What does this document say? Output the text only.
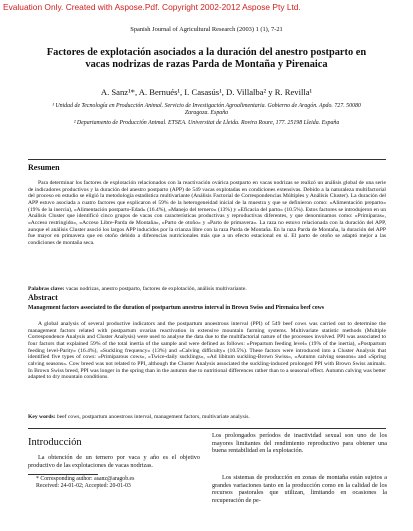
Evaluation Only. Created with Aspose.Pdf. Copyright 2002-2012 Aspose Pty Ltd.
Spanish Journal of Agricultural Research (2003) 1 (1), 7-21
Factores de explotación asociados a la duración del anestro postparto en vacas nodrizas de razas Parda de Montaña y Pirenaica
A. Sanz¹*, A. Bernués¹, I. Casasús¹, D. Villalba² y R. Revilla¹
¹ Unidad de Tecnología en Producción Animal. Servicio de Investigación Agroalimentaria. Gobierno de Aragón. Apdo. 727. 50080 Zaragoza. España
² Departamento de Producción Animal. ETSEA. Universitat de Lleida. Rovira Roure, 177. 25198 Lleida. España
Resumen

Para determinar los factores de explotación relacionados con la reactivación ovárica postparto en vacas nodrizas se realizó un análisis global de una serie de indicadores productivos y la duración del anestro postparto (APP) de 549 vacas explotadas en condiciones extensivas. Debido a la naturaleza multifactorial del proceso en estudio se eligió la metodología estadística multivariante (Análisis Factorial de Correspondencias Múltiples y Análisis Cluster). La duración del APP estuvo asociada a cuatro factores que explicaron el 59% de la heterogeneidad inicial de la muestra y que se definieron como: «Alimentación preparto» (19% de la inercia), «Alimentación postparto-Edad» (16.4%), «Manejo del ternero» (13%) y «Eficacia del parto» (10.5%). Estos factores se introdujeron en un Análisis Cluster que identificó cinco grupos de vacas con características productivas y reproductivas diferentes, y que denominamos como: «Primíparas», «Acceso restringido», «Acceso Libre-Parda de Montaña», «Parto de otoño» y «Parto de primavera». La raza no estuvo relacionada con la duración del APP, aunque el análisis Cluster asoció los largos APP inducidos por la crianza libre con la raza Parda de Montaña. En la raza Parda de Montaña, la duración del APP fue mayor en primavera que en otoño debido a diferencias nutricionales más que a un efecto estacional en sí. El parto de otoño se adaptó mejor a las condiciones de montaña seca.

Palabras clave: vacas nodrizas, anestro postparto, factores de explotación, análisis multivariante.

Abstract

Management factors associated to the duration of postpartum anestrus interval in Brown Swiss and Pirenaica beef cows

A global analysis of several productive indicators and the postpartum anoestrous interval (PPI) of 549 beef cows was carried out to determine the management factors related with postpartum ovarian reactivation in extensive mountain farming systems. Multivariate statistic methods (Multiple Correspondence Analysis and Cluster Analysis) were used to analyse the data due to the multifactorial nature of the processes involved. PPI was associated to four factors that explained 59% of the total inertia of the sample and were defined as follows: «Prepartum feeding level» (19% of the inertia), «Postpartum feeding level-Parity» (16.4%), «Suckling frequency» (13%) and «Calving difficulty» (10.5%). These factors were introduced into a Cluster Analysis that identified five types of cows: «Primiparous cows», «Twice-daily sucklings», «Ad libitum suckling-Brown Swiss», «Autumn calving seasons» and «Spring calving seasons». Cow breed was not related to PPI, although the Cluster Analysis associated the suckling-induced prolonged PPI with Brown Swiss animals. In Brown Swiss breed, PPI was longer in the spring than in the autumn due to nutritional differences rather than to a seasonal effect. Autumn calving was better adapted to dry mountain conditions.

Key words: beef cows, postpartum anoestrous interval, management factors, multivariate analysis.

Introducción

La obtención de un ternero por vaca y año es el objetivo productivo de las explotaciones de vacas nodrizas.

Los prolongados períodos de inactividad sexual son uno de los mayores limitantes del rendimiento reproductivo para obtener una buena rentabilidad en la explotación.

Los sistemas de producción en zonas de montaña están sujetos a grandes variaciones tanto en la producción como en la calidad de los recursos pastorales que utilizan, limitando en ocasiones la recuperación de pe-

* Corresponding author: asanz@aragob.es
Received: 24-01-02; Accepted: 20-01-03
